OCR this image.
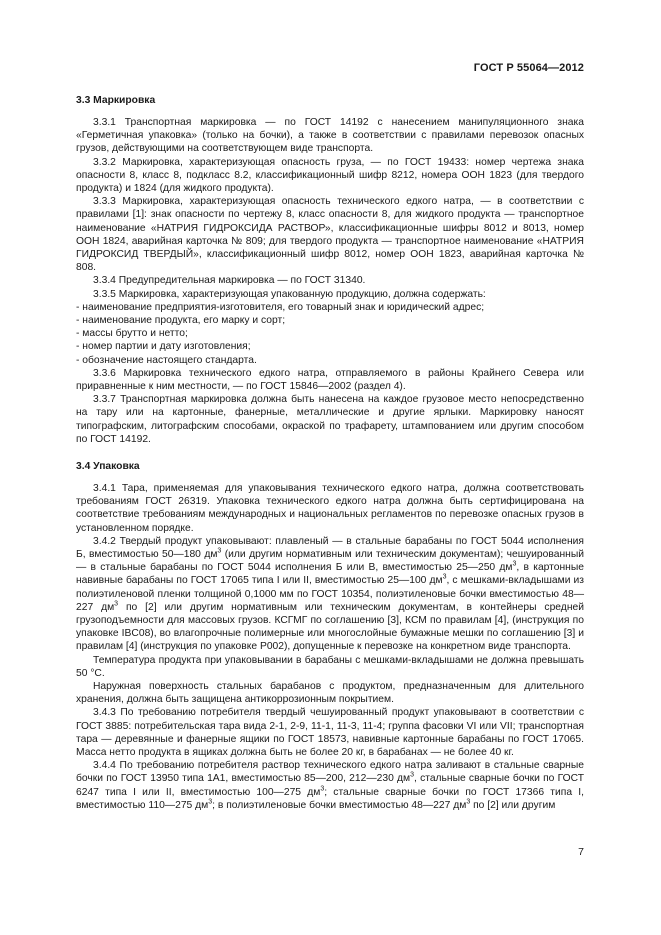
ГОСТ Р 55064—2012
3.3 Маркировка

3.3.1 Транспортная маркировка — по ГОСТ 14192 с нанесением манипуляционного знака «Герметичная упаковка» (только на бочки), а также в соответствии с правилами перевозок опасных грузов, действующими на соответствующем виде транспорта.

3.3.2 Маркировка, характеризующая опасность груза, — по ГОСТ 19433: номер чертежа знака опасности 8, класс 8, подкласс 8.2, классификационный шифр 8212, номера ООН 1823 (для твердого продукта) и 1824 (для жидкого продукта).

3.3.3 Маркировка, характеризующая опасность технического едкого натра, — в соответствии с правилами [1]: знак опасности по чертежу 8, класс опасности 8, для жидкого продукта — транспортное наименование «НАТРИЯ ГИДРОКСИДА РАСТВОР», классификационные шифры 8012 и 8013, номер ООН 1824, аварийная карточка № 809; для твердого продукта — транспортное наименование «НАТРИЯ ГИДРОКСИД ТВЕРДЫЙ», классификационный шифр 8012, номер ООН 1823, аварийная карточка № 808.

3.3.4 Предупредительная маркировка — по ГОСТ 31340.

3.3.5 Маркировка, характеризующая упакованную продукцию, должна содержать:

- наименование предприятия-изготовителя, его товарный знак и юридический адрес;

- наименование продукта, его марку и сорт;

- массы брутто и нетто;

- номер партии и дату изготовления;

- обозначение настоящего стандарта.

3.3.6 Маркировка технического едкого натра, отправляемого в районы Крайнего Севера или приравненные к ним местности, — по ГОСТ 15846—2002 (раздел 4).

3.3.7 Транспортная маркировка должна быть нанесена на каждое грузовое место непосредственно на тару или на картонные, фанерные, металлические и другие ярлыки. Маркировку наносят типографским, литографским способами, окраской по трафарету, штампованием или другим способом по ГОСТ 14192.

3.4 Упаковка

3.4.1 Тара, применяемая для упаковывания технического едкого натра, должна соответствовать требованиям ГОСТ 26319. Упаковка технического едкого натра должна быть сертифицирована на соответствие требованиям международных и национальных регламентов по перевозке опасных грузов в установленном порядке.

3.4.2 Твердый продукт упаковывают: плавленый — в стальные барабаны по ГОСТ 5044 исполнения Б, вместимостью 50—180 $дм^3$ (или другим нормативным или техническим документам); чешуированный — в стальные барабаны по ГОСТ 5044 исполнения Б или В, вместимостью 25—250 $дм^3$, в картонные навивные барабаны по ГОСТ 17065 типа I или II, вместимостью 25—100 $дм^3$, с мешками-вкладышами из полиэтиленовой пленки толщиной 0,1000 мм по ГОСТ 10354, полиэтиленовые бочки вместимостью 48—227 $дм^3$ по [2] или другим нормативным или техническим документам, в контейнеры средней грузоподъемности для массовых грузов. КСГМГ по соглашению [3], КСМ по правилам [4], (инструкция по упаковке IBC08), во влагопрочные полимерные или многослойные бумажные мешки по соглашению [3] и правилам [4] (инструкция по упаковке P002), допущенные к перевозке на конкретном виде транспорта.

Температура продукта при упаковывании в барабаны с мешками-вкладышами не должна превышать 50 °С.

Наружная поверхность стальных барабанов с продуктом, предназначенным для длительного хранения, должна быть защищена антикоррозионным покрытием.

3.4.3 По требованию потребителя твердый чешуированный продукт упаковывают в соответствии с ГОСТ 3885: потребительская тара вида 2-1, 2-9, 11-1, 11-3, 11-4; группа фасовки VI или VII; транспортная тара — деревянные и фанерные ящики по ГОСТ 18573, навивные картонные барабаны по ГОСТ 17065. Масса нетто продукта в ящиках должна быть не более 20 кг, в барабанах — не более 40 кг.

3.4.4 По требованию потребителя раствор технического едкого натра заливают в стальные сварные бочки по ГОСТ 13950 типа 1А1, вместимостью 85—200, 212—230 $дм^3$, стальные сварные бочки по ГОСТ 6247 типа I или II, вместимостью 100—275 $дм^3$; стальные сварные бочки по ГОСТ 17366 типа I, вместимостью 110—275 $дм^3$; в полиэтиленовые бочки вместимостью 48—227 $дм^3$ по [2] или другим

7
